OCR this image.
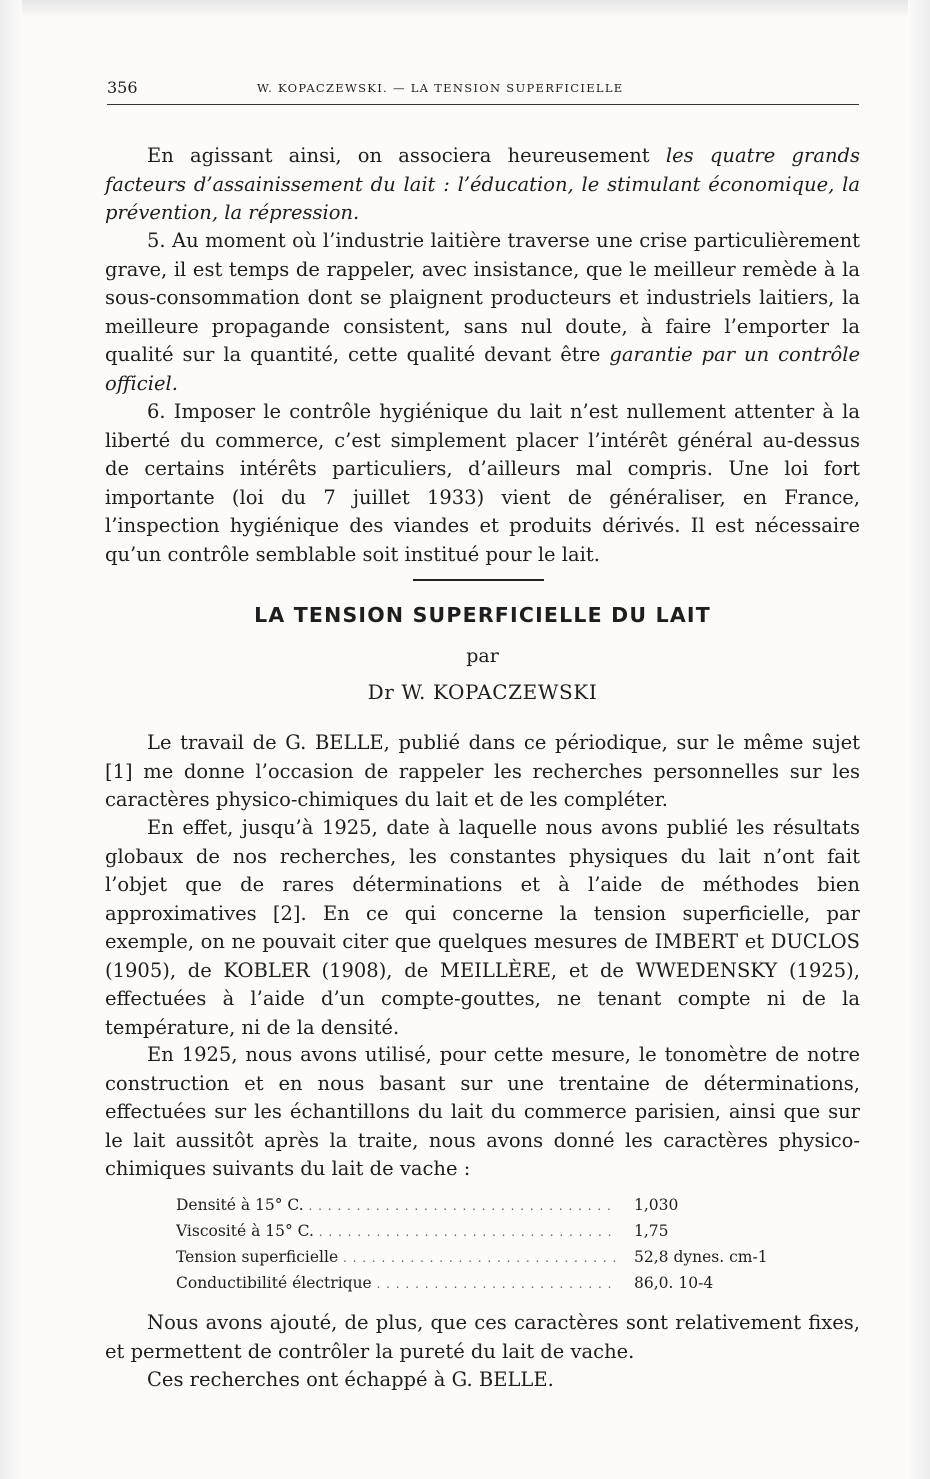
356	W. KOPACZEWSKI. — LA TENSION SUPERFICIELLE

En agissant ainsi, on associera heureusement les quatre grands facteurs d’assainissement du lait : l’éducation, le stimulant économique, la prévention, la répression.

5. Au moment où l’industrie laitière traverse une crise particulièrement grave, il est temps de rappeler, avec insistance, que le meilleur remède à la sous-consommation dont se plaignent producteurs et industriels laitiers, la meilleure propagande consistent, sans nul doute, à faire l’emporter la qualité sur la quantité, cette qualité devant être garantie par un contrôle officiel.

6. Imposer le contrôle hygiénique du lait n’est nullement attenter à la liberté du commerce, c’est simplement placer l’intérêt général au-dessus de certains intérêts particuliers, d’ailleurs mal compris. Une loi fort importante (loi du 7 juillet 1933) vient de généraliser, en France, l’inspection hygiénique des viandes et produits dérivés. Il est nécessaire qu’un contrôle semblable soit institué pour le lait.

LA TENSION SUPERFICIELLE DU LAIT
par
Dr W. KOPACZEWSKI

Le travail de G. BELLE, publié dans ce périodique, sur le même sujet [1] me donne l’occasion de rappeler les recherches personnelles sur les caractères physico-chimiques du lait et de les compléter.

En effet, jusqu’à 1925, date à laquelle nous avons publié les résultats globaux de nos recherches, les constantes physiques du lait n’ont fait l’objet que de rares déterminations et à l’aide de méthodes bien approximatives [2]. En ce qui concerne la tension superficielle, par exemple, on ne pouvait citer que quelques mesures de IMBERT et DUCLOS (1905), de KOBLER (1908), de MEILLÈRE, et de WWEDENSKY (1925), effectuées à l’aide d’un compte-gouttes, ne tenant compte ni de la température, ni de la densité.

En 1925, nous avons utilisé, pour cette mesure, le tonomètre de notre construction et en nous basant sur une trentaine de déterminations, effectuées sur les échantillons du lait du commerce parisien, ainsi que sur le lait aussitôt après la traite, nous avons donné les caractères physico-chimiques suivants du lait de vache :

Densité à 15° C. . . .	1,030
Viscosité à 15° C. . . .	1,75
Tension superficielle . . .	52,8 dynes. cm-1
Conductibilité électrique . . .	86,0. 10-4

Nous avons ajouté, de plus, que ces caractères sont relativement fixes, et permettent de contrôler la pureté du lait de vache.

Ces recherches ont échappé à G. BELLE.
